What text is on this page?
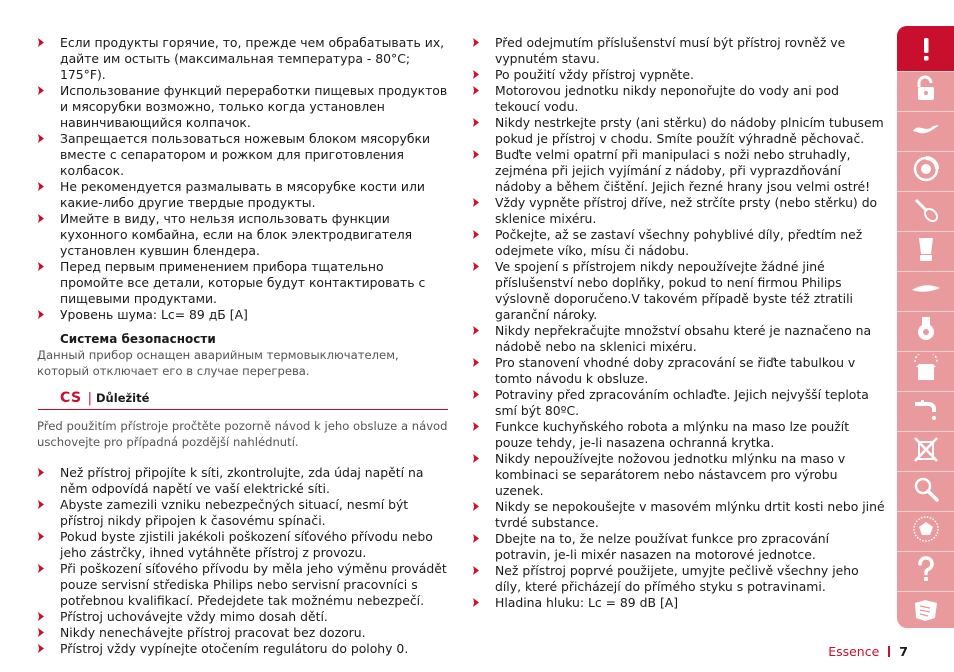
Если продукты горячие, то, прежде чем обрабатывать их, дайте им остыть (максимальная температура - 80°C; 175°F).
Использование функций переработки пищевых продуктов и мясорубки возможно, только когда установлен навинчивающийся колпачок.
Запрещается пользоваться ножевым блоком мясорубки вместе с сепаратором и рожком для приготовления колбасок.
Не рекомендуется размалывать в мясорубке кости или какие-либо другие твердые продукты.
Имейте в виду, что нельзя использовать функции кухонного комбайна, если на блок электродвигателя установлен кувшин блендера.
Перед первым применением прибора тщательно промойте все детали, которые будут контактировать с пищевыми продуктами.
Уровень шума: Lc= 89 дБ [A]
Система безопасности
Данный прибор оснащен аварийным термовыключателем, который отключает его в случае перегрева.
CS | Důležité
Před použitím přístroje pročtěte pozorně návod k jeho obsluze a návod uschovejte pro případná pozdější nahlédnutí.
Než přístroj připojíte k síti, zkontrolujte, zda údaj napětí na něm odpovídá napětí ve vaší elektrické síti.
Abyste zamezili vzniku nebezpečných situací, nesmí být přístroj nikdy připojen k časovému spínači.
Pokud byste zjistili jakékoli poškození síťového přívodu nebo jeho zástrčky, ihned vytáhněte přístroj z provozu.
Při poškození síťového přívodu by měla jeho výměnu provádět pouze servisní střediska Philips nebo servisní pracovníci s potřebnou kvalifikací. Předejdete tak možnému nebezpečí.
Přístroj uchovávejte vždy mimo dosah dětí.
Nikdy nenechávejte přístroj pracovat bez dozoru.
Přístroj vždy vypínejte otočením regulátoru do polohy 0.
Před odejmutím příslušenství musí být přístroj rovněž ve vypnutém stavu.
Po použití vždy přístroj vypněte.
Motorovou jednotku nikdy neponořujte do vody ani pod tekoucí vodu.
Nikdy nestrkejte prsty (ani stěrku) do nádoby plnicím tubusem pokud je přístroj v chodu. Smíte použít výhradně pěchovač.
Buďte velmi opatrní při manipulaci s noži nebo struhadly, zejména při jejich vyjímání z nádoby, při vyprazdňování nádoby a během čištění. Jejich řezné hrany jsou velmi ostré!
Vždy vypněte přístroj dříve, než strčíte prsty (nebo stěrku) do sklenice mixéru.
Počkejte, až se zastaví všechny pohyblivé díly, předtím než odejmete víko, mísu či nádobu.
Ve spojení s přístrojem nikdy nepoužívejte žádné jiné příslušenství nebo doplňky, pokud to není firmou Philips výslovně doporučeno.V takovém případě byste též ztratili garanční nároky.
Nikdy nepřekračujte množství obsahu které je naznačeno na nádobě nebo na sklenici mixéru.
Pro stanovení vhodné doby zpracování se řiďte tabulkou v tomto návodu k obsluze.
Potraviny před zpracováním ochlaďte. Jejich nejvyšší teplota smí být 80ºC.
Funkce kuchyňského robota a mlýnku na maso lze použít pouze tehdy, je-li nasazena ochranná krytka.
Nikdy nepoužívejte nožovou jednotku mlýnku na maso v kombinaci se separátorem nebo nástavcem pro výrobu uzenek.
Nikdy se nepokoušejte v masovém mlýnku drtit kosti nebo jiné tvrdé substance.
Dbejte na to, že nelze používat funkce pro zpracování potravin, je-li mixér nasazen na motorové jednotce.
Než přístroj poprvé použijete, umyjte pečlivě všechny jeho díly, které přicházejí do přímého styku s potravinami.
Hladina hluku: Lc = 89 dB [A]
Essence 7
